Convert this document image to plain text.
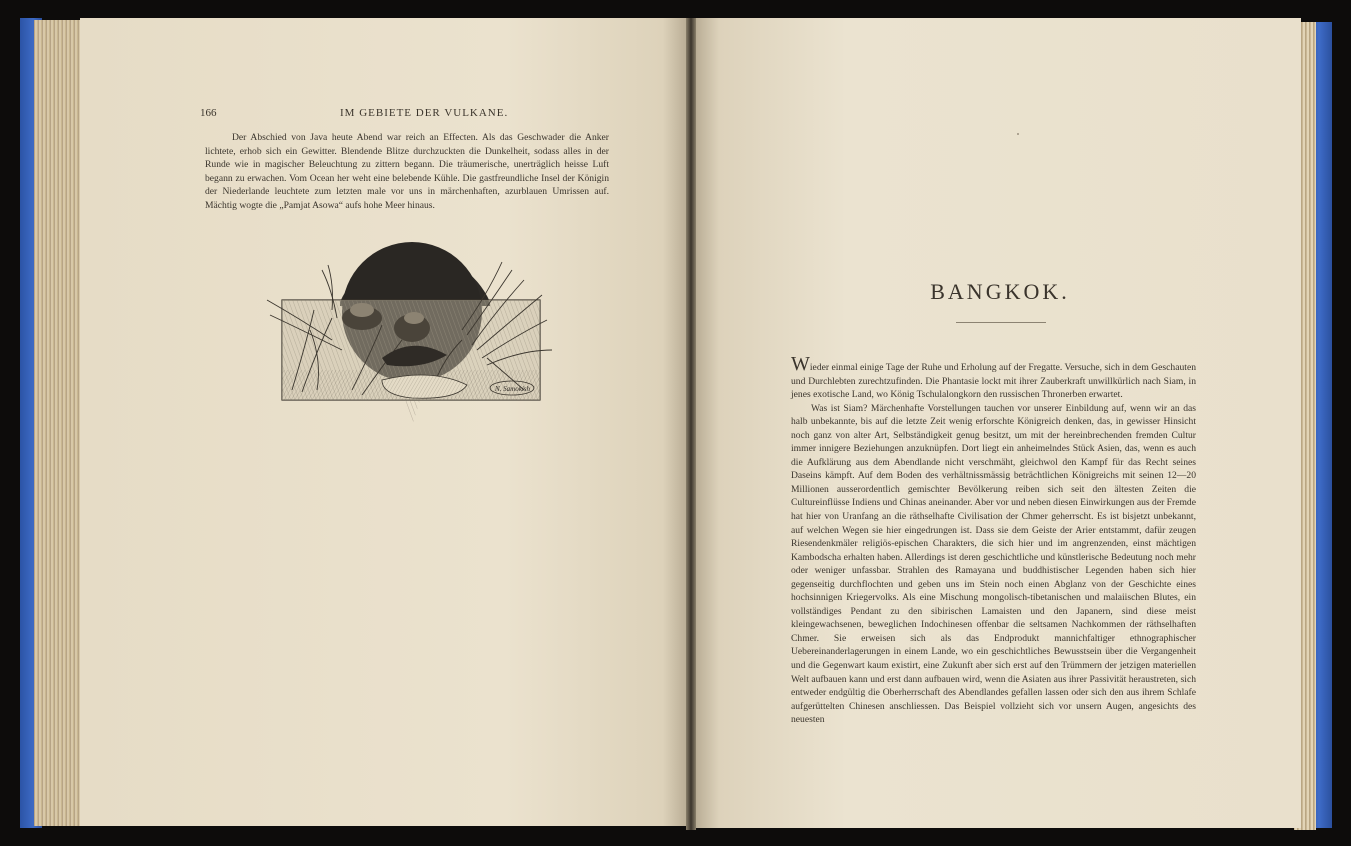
166	IM GEBIETE DER VULKANE.

Der Abschied von Java heute Abend war reich an Effecten. Als das Geschwader die Anker lichtete, erhob sich ein Gewitter. Blendende Blitze durchzuckten die Dunkelheit, sodass alles in der Runde wie in magischer Beleuchtung zu zittern begann. Die träumerische, unerträglich heisse Luft begann zu erwachen. Vom Ocean her weht eine belebende Kühle. Die gastfreundliche Insel der Königin der Niederlande leuchtete zum letzten male vor uns in märchenhaften, azurblauen Umrissen auf. Mächtig wogte die „Pamjat Asowa“ aufs hohe Meer hinaus.

N. Samokish
BANGKOK.

Wieder einmal einige Tage der Ruhe und Erholung auf der Fregatte. Versuche, sich in dem Geschauten und Durchlebten zurechtzufinden. Die Phantasie lockt mit ihrer Zauberkraft unwillkürlich nach Siam, in jenes exotische Land, wo König Tschulalongkorn den russischen Thronerben erwartet.

Was ist Siam? Märchenhafte Vorstellungen tauchen vor unserer Einbildung auf, wenn wir an das halb unbekannte, bis auf die letzte Zeit wenig erforschte Königreich denken, das, in gewisser Hinsicht noch ganz von alter Art, Selbständigkeit genug besitzt, um mit der hereinbrechenden fremden Cultur immer innigere Beziehungen anzuknüpfen. Dort liegt ein anheimelndes Stück Asien, das, wenn es auch die Aufklärung aus dem Abendlande nicht verschmäht, gleichwol den Kampf für das Recht seines Daseins kämpft. Auf dem Boden des verhältnissmässig beträchtlichen Königreichs mit seinen 12—20 Millionen ausserordentlich gemischter Bevölkerung reiben sich seit den ältesten Zeiten die Cultureinflüsse Indiens und Chinas aneinander. Aber vor und neben diesen Einwirkungen aus der Fremde hat hier von Uranfang an die räthselhafte Civilisation der Chmer geherrscht. Es ist bisjetzt unbekannt, auf welchen Wegen sie hier eingedrungen ist. Dass sie dem Geiste der Arier entstammt, dafür zeugen Riesendenkmäler religiös-epischen Charakters, die sich hier und im angrenzenden, einst mächtigen Kambodscha erhalten haben. Allerdings ist deren geschichtliche und künstlerische Bedeutung noch mehr oder weniger unfassbar. Strahlen des Ramayana und buddhistischer Legenden haben sich hier gegenseitig durchflochten und geben uns im Stein noch einen Abglanz von der Geschichte eines hochsinnigen Kriegervolks. Als eine Mischung mongolisch-tibetanischen und malaiischen Blutes, ein vollständiges Pendant zu den sibirischen Lamaisten und den Japanern, sind diese meist kleingewachsenen, beweglichen Indochinesen offenbar die seltsamen Nachkommen der räthselhaften Chmer. Sie erweisen sich als das Endprodukt mannichfaltiger ethnographischer Uebereinanderlagerungen in einem Lande, wo ein geschichtliches Bewusstsein über die Vergangenheit und die Gegenwart kaum existirt, eine Zukunft aber sich erst auf den Trümmern der jetzigen materiellen Welt aufbauen kann und erst dann aufbauen wird, wenn die Asiaten aus ihrer Passivität heraustreten, sich entweder endgültig die Oberherrschaft des Abendlandes gefallen lassen oder sich den aus ihrem Schlafe aufgerüttelten Chinesen anschliessen. Das Beispiel vollzieht sich vor unsern Augen, angesichts des neuesten
